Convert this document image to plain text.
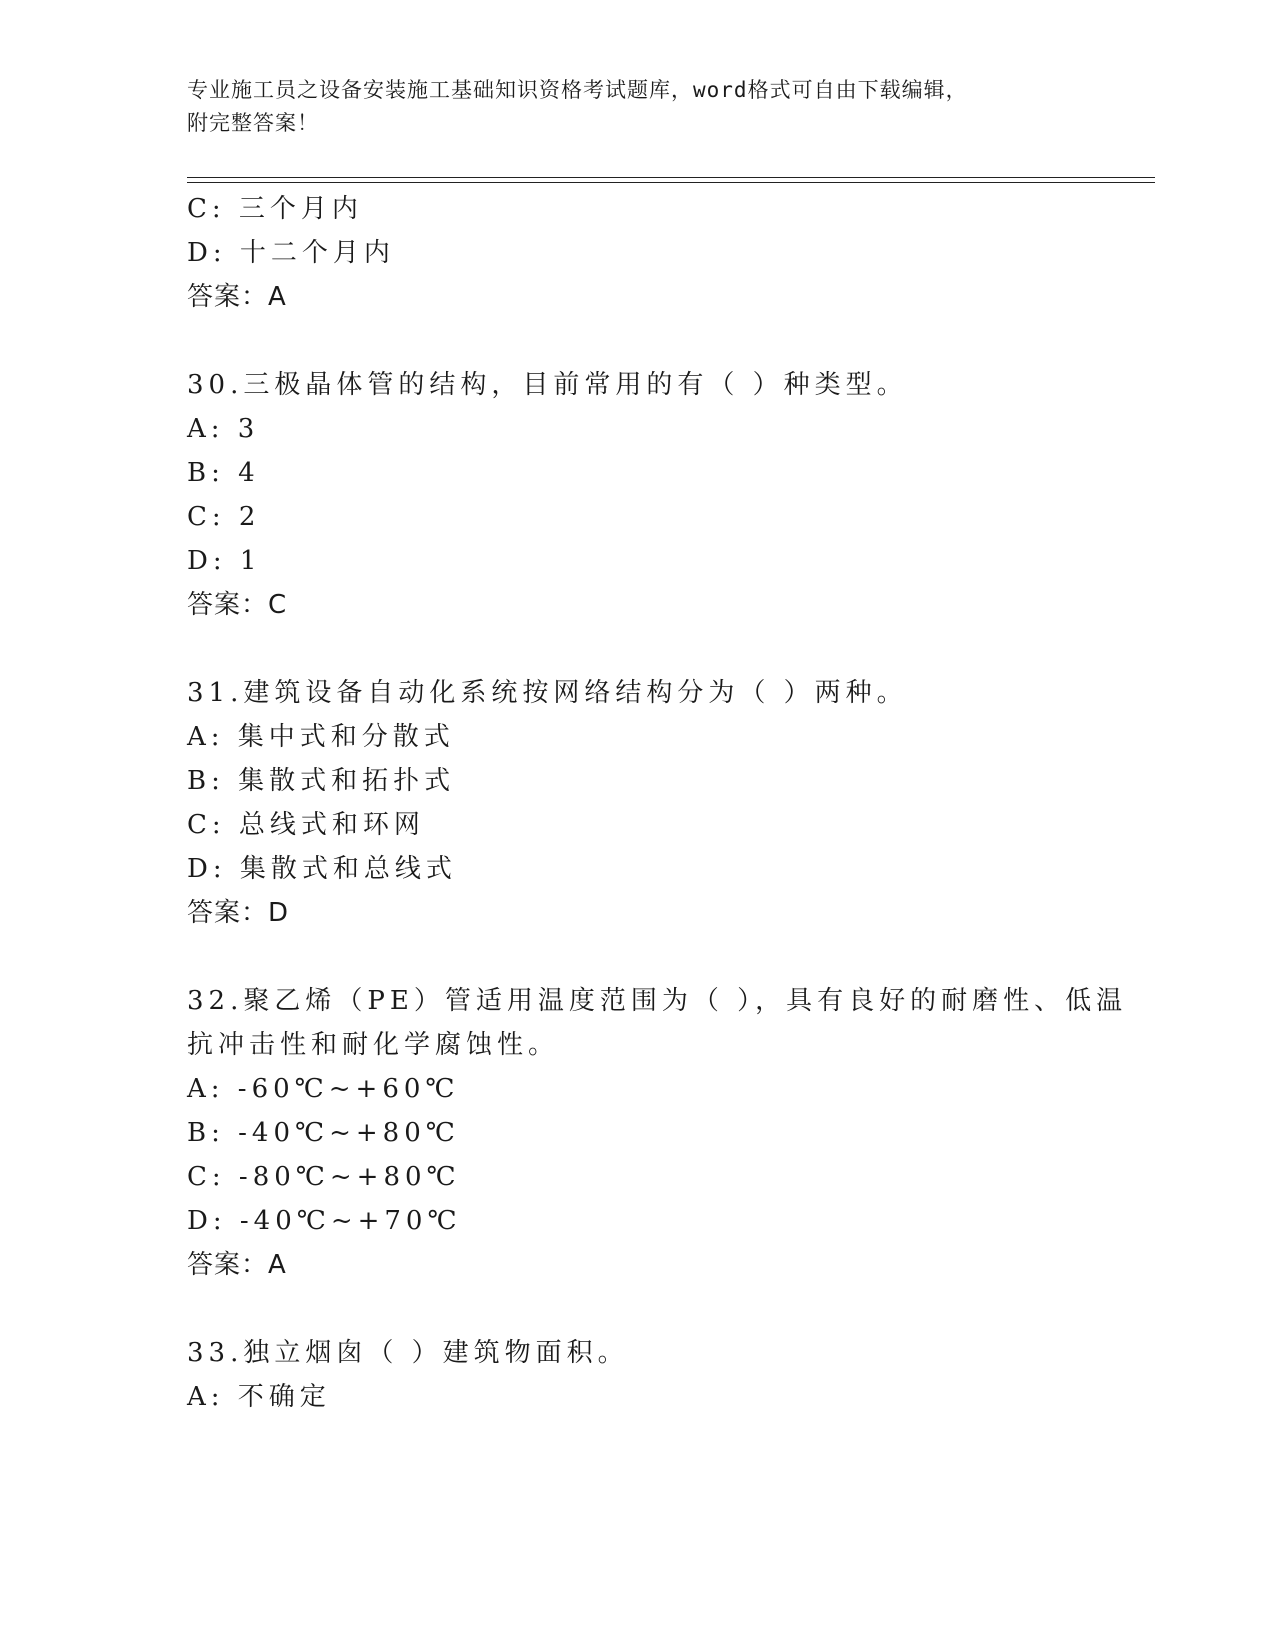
专业施工员之设备安装施工基础知识资格考试题库，word格式可自由下载编辑，
附完整答案！
C: 三个月内
D: 十二个月内
答案：A
30.三极晶体管的结构，目前常用的有（ ）种类型。
A: 3
B: 4
C: 2
D: 1
答案：C
31.建筑设备自动化系统按网络结构分为（ ）两种。
A: 集中式和分散式
B: 集散式和拓扑式
C: 总线式和环网
D: 集散式和总线式
答案：D
32.聚乙烯（PE）管适用温度范围为（ ），具有良好的耐磨性、低温
抗冲击性和耐化学腐蚀性。
A: -60℃~+60℃
B: -40℃~+80℃
C: -80℃~+80℃
D: -40℃~+70℃
答案：A
33.独立烟囱（ ）建筑物面积。
A: 不确定
